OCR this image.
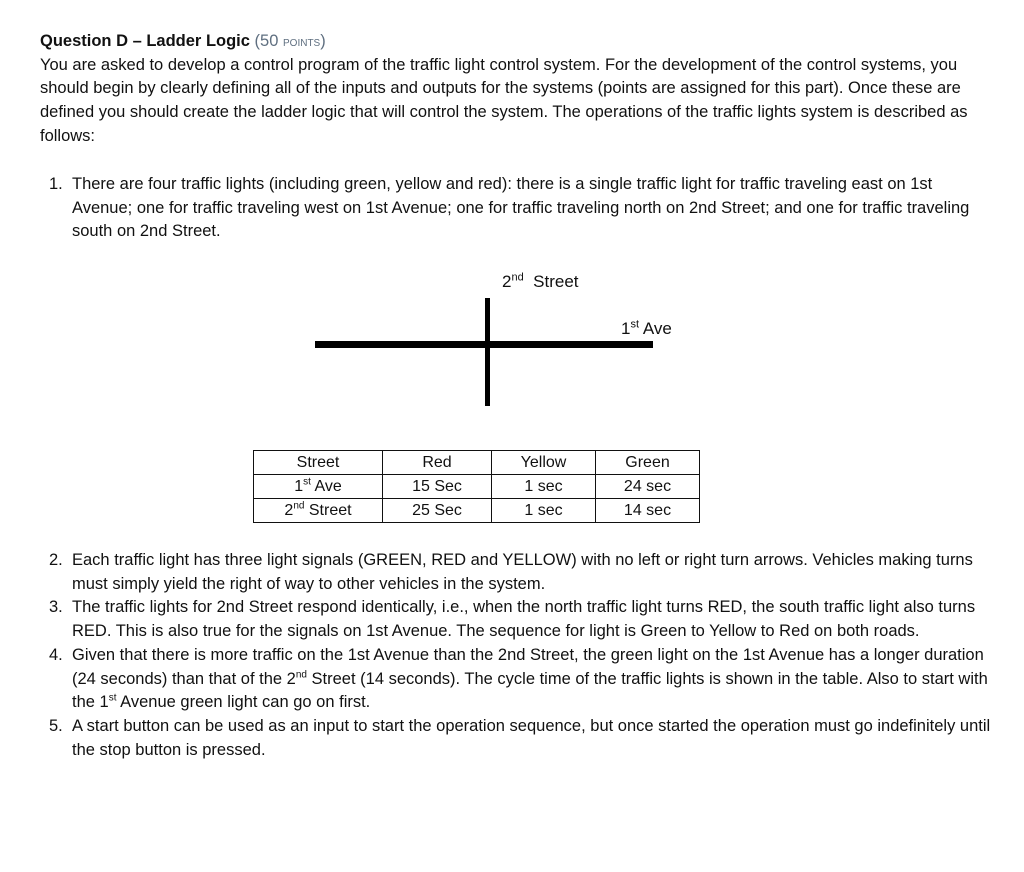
Question D – Ladder Logic (50 points)

You are asked to develop a control program of the traffic light control system. For the development of the control systems, you should begin by clearly defining all of the inputs and outputs for the systems (points are assigned for this part). Once these are defined you should create the ladder logic that will control the system. The operations of the traffic lights system is described as follows:

1. There are four traffic lights (including green, yellow and red): there is a single traffic light for traffic traveling east on 1st Avenue; one for traffic traveling west on 1st Avenue; one for traffic traveling north on 2nd Street; and one for traffic traveling south on 2nd Street.
2. Each traffic light has three light signals (GREEN, RED and YELLOW) with no left or right turn arrows. Vehicles making turns must simply yield the right of way to other vehicles in the system.
3. The traffic lights for 2nd Street respond identically, i.e., when the north traffic light turns RED, the south traffic light also turns RED. This is also true for the signals on 1st Avenue. The sequence for light is Green to Yellow to Red on both roads.
4. Given that there is more traffic on the 1st Avenue than the 2nd Street, the green light on the 1st Avenue has a longer duration (24 seconds) than that of the 2nd Street (14 seconds). The cycle time of the traffic lights is shown in the table. Also to start with the 1st Avenue green light can go on first.
5. A start button can be used as an input to start the operation sequence, but once started the operation must go indefinitely until the stop button is pressed.
2nd Street
1st Ave
Street	Red	Yellow	Green
1st Ave	15 Sec	1 sec	24 sec
2nd Street	25 Sec	1 sec	14 sec
